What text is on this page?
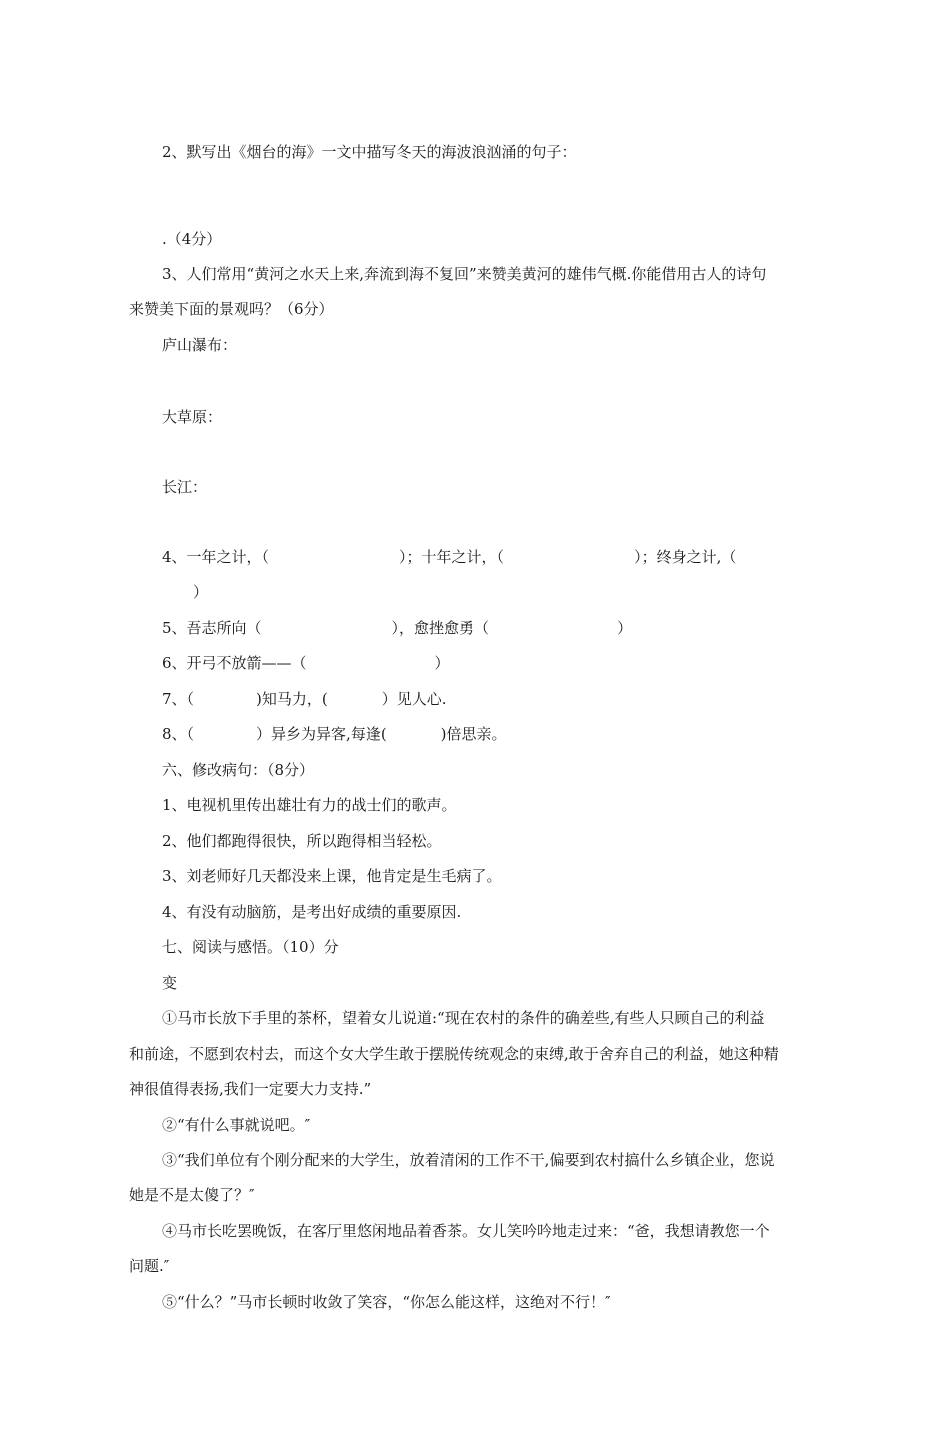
2、默写出《烟台的海》一文中描写冬天的海波浪汹涌的句子：
.（4分）
3、人们常用“黄河之水天上来,奔流到海不复回”来赞美黄河的雄伟气概.你能借用古人的诗句
来赞美下面的景观吗？（6分）
庐山瀑布：
大草原：
长江：
4、一年之计，（	）；十年之计，（	）；终身之计,（
）
5、吾志所向（	），愈挫愈勇（	）
6、开弓不放箭——（	）
7、（	)知马力，(	）见人心.
8、（	）异乡为异客,每逢(	)倍思亲。
六、修改病句：（8分）
1、电视机里传出雄壮有力的战士们的歌声。
2、他们都跑得很快，所以跑得相当轻松。
3、刘老师好几天都没来上课，他肯定是生毛病了。
4、有没有动脑筋，是考出好成绩的重要原因.
七、阅读与感悟。（10）分
变
①马市长放下手里的茶杯，望着女儿说道:“现在农村的条件的确差些,有些人只顾自己的利益
和前途，不愿到农村去，而这个女大学生敢于摆脱传统观念的束缚,敢于舍弃自己的利益，她这种精
神很值得表扬,我们一定要大力支持.”
②“有什么事就说吧。″
③“我们单位有个刚分配来的大学生，放着清闲的工作不干,偏要到农村搞什么乡镇企业，您说
她是不是太傻了？″
④马市长吃罢晚饭，在客厅里悠闲地品着香茶。女儿笑吟吟地走过来：“爸，我想请教您一个
问题.″
⑤“什么？”马市长顿时收敛了笑容，“你怎么能这样，这绝对不行！″
